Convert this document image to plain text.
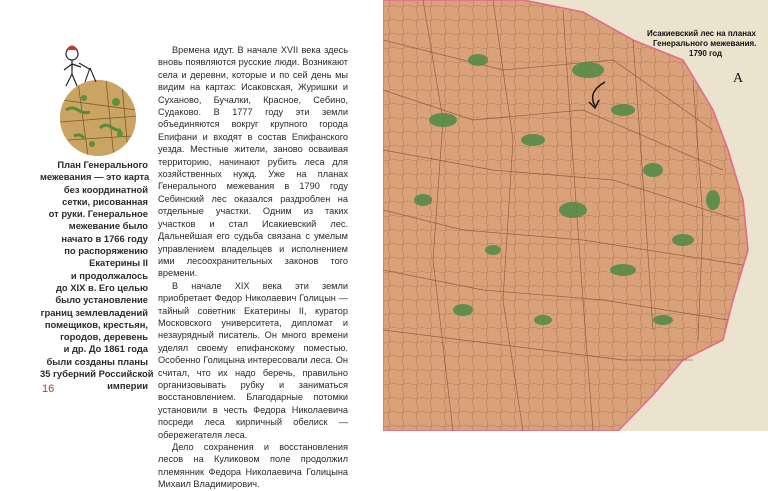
План Генерального
межевания — это карта
без координатной
сетки, рисованная
от руки. Генеральное
межевание было
начато в 1766 году
по распоряжению
Екатерины II
и продолжалось
до XIX в. Его целью
было установление
границ землевладений
помещиков, крестьян,
городов, деревень
и др. До 1861 года
были созданы планы
35 губерний Российской
империи

Времена идут. В начале XVII века здесь вновь появляются русские люди. Возникают села и деревни, которые и по сей день мы видим на картах: Исаковская, Журишки и Суханово, Бучалки, Красное, Себино, Судаково. В 1777 году эти земли объединяются вокруг крупного города Епифани и входят в состав Епифанского уезда. Местные жители, заново осваивая территорию, начинают рубить леса для хозяйственных нужд. Уже на планах Генерального межевания в 1790 году Себинский лес оказался раздроблен на отдельные участки. Одним из таких участков и стал Исакиевский лес. Дальнейшая его судьба связана с умелым управлением владельцев и исполнением ими лесоохранительных законов того времени.

В начале XIX века эти земли приобретает Федор Николаевич Голицын — тайный советник Екатерины II, куратор Московского университета, дипломат и незаурядный писатель. Он много времени уделял своему епифанскому поместью. Особенно Голицына интересовали леса. Он считал, что их надо беречь, правильно организовывать рубку и заниматься восстановлением. Благодарные потомки установили в честь Федора Николаевича посреди леса кирпичный обелиск — обережегателя леса.

Дело сохранения и восстановления лесов на Куликовом поле продолжил племянник Федора Николаевича Голицына Михаил Владимирович.

16
Исакиевский лес на планах
Генерального межевания.
1790 год
А
